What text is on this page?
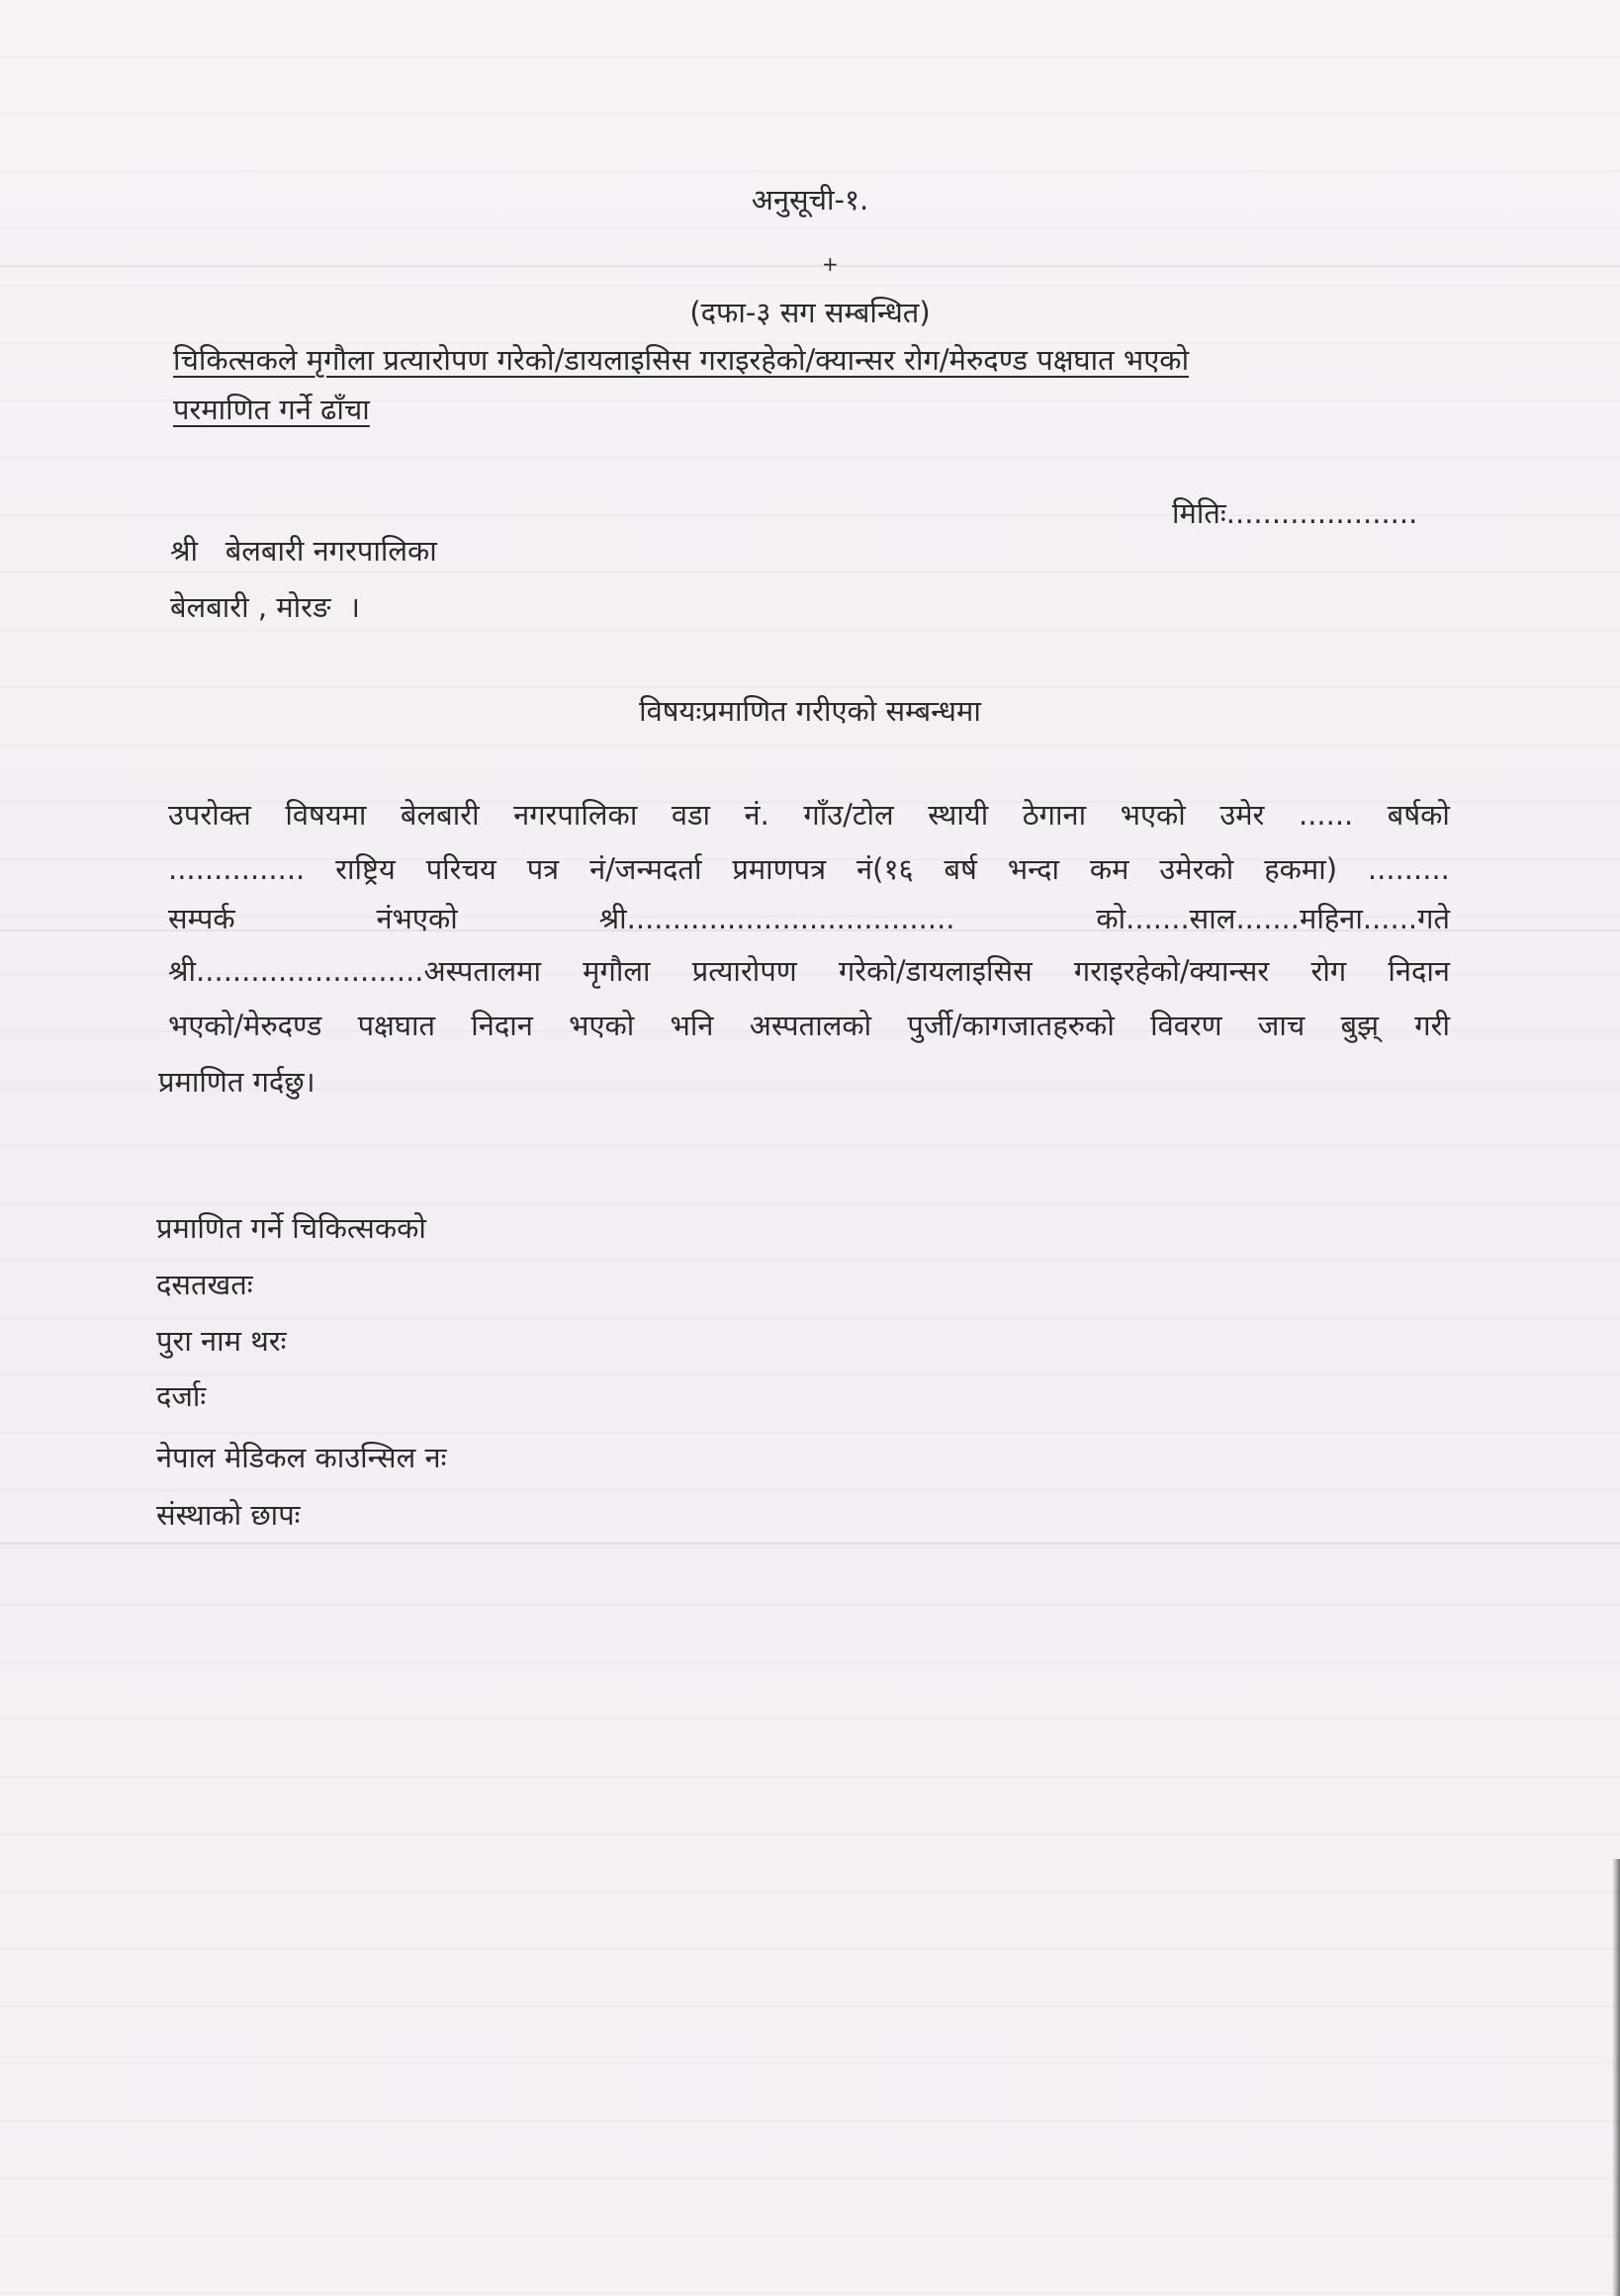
अनुसूची-१.
+
(दफा-३ सग सम्बन्धित)
चिकित्सकले मृगौला प्रत्यारोपण गरेको/डायलाइसिस गराइरहेको/क्यान्सर रोग/मेरुदण्ड पक्षघात भएको
परमाणित गर्ने ढाँचा
मितिः.....................
श्री   बेलबारी नगरपालिका
बेलबारी , मोरङ  ।
विषयःप्रमाणित गरीएको सम्बन्धमा
उपरोक्त विषयमा बेलबारी नगरपालिका वडा नं. गाँउ/टोल स्थायी ठेगाना भएको उमेर ...... बर्षको
............... राष्ट्रिय परिचय पत्र नं/जन्मदर्ता प्रमाणपत्र नं(१६ बर्ष भन्दा कम उमेरको हकमा) .........
सम्पर्क	नंभएको	श्री....................................	को.......साल.......महिना......गते
श्री.........................अस्पतालमा मृगौला प्रत्यारोपण गरेको/डायलाइसिस गराइरहेको/क्यान्सर रोग निदान
भएको/मेरुदण्ड पक्षघात निदान भएको भनि अस्पतालको पुर्जी/कागजातहरुको विवरण जाच बुझ् गरी
प्रमाणित गर्दछु।
प्रमाणित गर्ने चिकित्सकको
दसतखतः
पुरा नाम थरः
दर्जाः
नेपाल मेडिकल काउन्सिल नः
संस्थाको छापः
